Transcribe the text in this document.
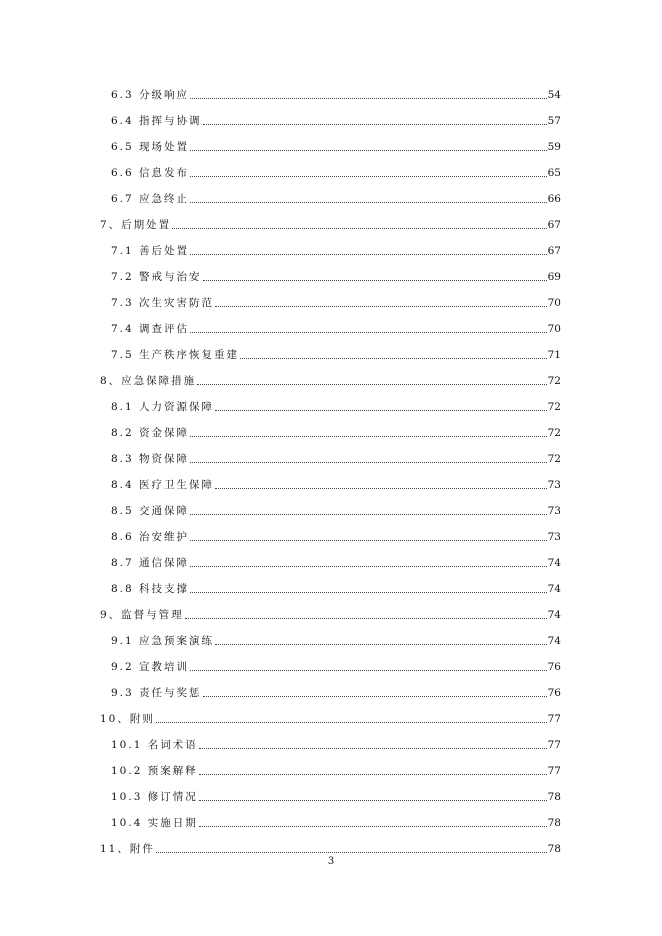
6.3 分级响应	54
6.4 指挥与协调	57
6.5 现场处置	59
6.6 信息发布	65
6.7 应急终止	66
7、后期处置	67
7.1 善后处置	67
7.2 警戒与治安	69
7.3 次生灾害防范	70
7.4 调查评估	70
7.5 生产秩序恢复重建	71
8、应急保障措施	72
8.1 人力资源保障	72
8.2 资金保障	72
8.3 物资保障	72
8.4 医疗卫生保障	73
8.5 交通保障	73
8.6 治安维护	73
8.7 通信保障	74
8.8 科技支撑	74
9、监督与管理	74
9.1 应急预案演练	74
9.2 宣教培训	76
9.3 责任与奖惩	76
10、附则	77
10.1 名词术语	77
10.2 预案解释	77
10.3 修订情况	78
10.4 实施日期	78
11、附件	78
3
